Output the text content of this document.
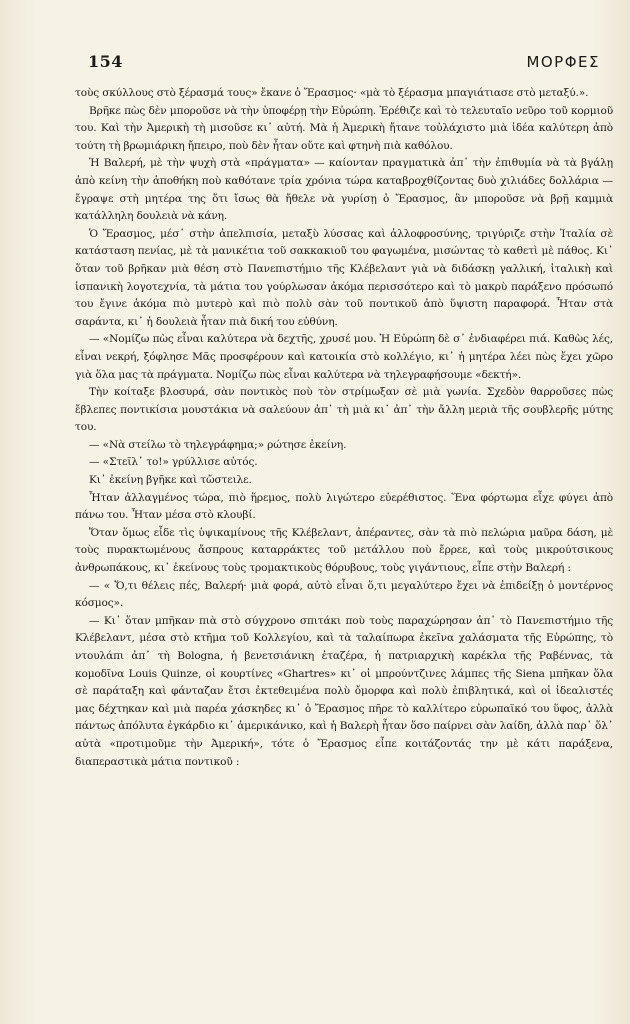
154	ΜΟΡΦΕΣ

τοὺς σκύλλους στὸ ξέρασμά τους» ἔκανε ὁ Ἔρασμος· «μὰ τὸ ξέρασμα μπαγιάτιασε στὸ μεταξύ.».

Βρῆκε πὼς δὲν μποροῦσε νὰ τὴν ὑποφέρῃ τὴν Εὐρώπη. Ἐρέθιζε καὶ τὸ τελευταῖο νεῦρο τοῦ κορμιοῦ του. Καὶ τὴν Ἀμερικὴ τὴ μισοῦσε κι᾽ αὐτή. Μὰ ἡ Ἀμερικὴ ἤτανε τοὐλάχιστο μιὰ ἰδέα καλύτερη ἀπὸ τούτη τὴ βρωμιάρικη ἤπειρο, ποὺ δὲν ἦταν οὔτε καὶ φτηνὴ πιὰ καθόλου.

Ἡ Βαλερή, μὲ τὴν ψυχὴ στὰ «πράγματα» — καίονταν πραγματικὰ ἀπ᾽ τὴν ἐπιθυμία νὰ τὰ βγάλῃ ἀπὸ κείνη τὴν ἀποθήκη ποὺ καθότανε τρία χρόνια τώρα καταβροχθίζοντας δυὸ χιλιάδες δολλάρια — ἔγραψε στὴ μητέρα της ὅτι ἴσως θὰ ἤθελε νὰ γυρίσῃ ὁ Ἔρασμος, ἂν μποροῦσε νὰ βρῇ καμμιὰ κατάλληλη δουλειὰ νὰ κάνη.

Ὁ Ἔρασμος, μέσ᾽ στὴν ἀπελπισία, μεταξὺ λύσσας καὶ ἀλλοφροσύνης, τριγύριζε στὴν Ἰταλία σὲ κατάσταση πενίας, μὲ τὰ μανικέτια τοῦ σακκακιοῦ του φαγωμένα, μισώντας τὸ καθετὶ μὲ πάθος. Κι᾽ ὅταν τοῦ βρῆκαν μιὰ θέση στὸ Πανεπιστήμιο τῆς Κλέβελαντ γιὰ νὰ διδάσκῃ γαλλική, ἰταλικὴ καὶ ἰσπανικὴ λογοτεχνία, τὰ μάτια του γούρλωσαν ἀκόμα περισσότερο καὶ τὸ μακρὺ παράξενο πρόσωπό του ἔγινε ἀκόμα πιὸ μυτερὸ καὶ πιὸ πολὺ σὰν τοῦ ποντικοῦ ἀπὸ ὕψιστη παραφορά. Ἦταν στὰ σαράντα, κι᾽ ἡ δουλειὰ ἦταν πιὰ δική του εὐθύνη.

— «Νομίζω πὼς εἶναι καλύτερα νὰ δεχτῆς, χρυσέ μου. Ἡ Εὐρώπη δὲ σ᾽ ἐνδιαφέρει πιά. Καθὼς λές, εἶναι νεκρή, ξόφλησε Μᾶς προσφέρουν καὶ κατοικία στὸ κολλέγιο, κι᾽ ἡ μητέρα λέει πὼς ἔχει χῶρο γιὰ ὅλα μας τὰ πράγματα. Νομίζω πὼς εἶναι καλύτερα νὰ τηλεγραφήσουμε «δεκτή».

Τὴν κοίταξε βλοσυρά, σὰν ποντικὸς ποὺ τὸν στρίμωξαν σὲ μιὰ γωνία. Σχεδὸν θαρροῦσες πὼς ἔβλεπες ποντικίσια μουστάκια νὰ σαλεύουν ἀπ᾽ τὴ μιὰ κι᾽ ἀπ᾽ τὴν ἄλλη μεριὰ τῆς σουβλερῆς μύτης του.

— «Νὰ στείλω τὸ τηλεγράφημα;» ρώτησε ἐκείνη.

— «Στεῖλ᾽ το!» γρύλλισε αὐτός.

Κι᾽ ἐκείνη βγῆκε καὶ τὤστειλε.

Ἦταν ἀλλαγμένος τώρα, πιὸ ἥρεμος, πολὺ λιγώτερο εὐερέθιστος. Ἕνα φόρτωμα εἶχε φύγει ἀπὸ πάνω του. Ἦταν μέσα στὸ κλουβί.

Ὅταν ὅμως εἶδε τὶς ὑψικαμίνους τῆς Κλέβελαντ, ἀπέραντες, σὰν τὰ πιὸ πελώρια μαῦρα δάση, μὲ τοὺς πυρακτωμένους ἄσπρους καταρράκτες τοῦ μετάλλου ποὺ ἔρρεε, καὶ τοὺς μικρούτσικους ἀνθρωπάκους, κι᾽ ἐκείνους τοὺς τρομακτικοὺς θόρυβους, τοὺς γιγάντιους, εἶπε στὴν Βαλερή :

— « Ὅ,τι θέλεις πές, Βαλερή· μιὰ φορά, αὐτὸ εἶναι ὅ,τι μεγαλύτερο ἔχει νὰ ἐπιδείξῃ ὁ μοντέρνος κόσμος».

— Κι᾽ ὅταν μπῆκαν πιὰ στὸ σύγχρονο σπιτάκι ποὺ τοὺς παραχώρησαν ἀπ᾽ τὸ Πανεπιστήμιο τῆς Κλέβελαντ, μέσα στὸ κτῆμα τοῦ Κολλεγίου, καὶ τὰ ταλαίπωρα ἐκεῖνα χαλάσματα τῆς Εὐρώπης, τὸ ντουλάπι ἀπ᾽ τὴ Bologna, ἡ βενετσιάνικη ἐταζέρα, ἡ πατριαρχικὴ καρέκλα τῆς Ραβέννας, τὰ κομοδῖνα Louis Quinze, οἱ κουρτίνες «Ghartres» κι᾽ οἱ μπρούντζινες λάμπες τῆς Siena μπῆκαν ὅλα σὲ παράταξη καὶ φάνταζαν ἔτσι ἐκτεθειμένα πολὺ ὄμορφα καὶ πολὺ ἐπιβλητικά, καὶ οἱ ἰδεαλιστές μας δέχτηκαν καὶ μιὰ παρέα χάσκηδες κι᾽ ὁ Ἔρασμος πῆρε τὸ καλλίτερο εὐρωπαϊκό του ὕφος, ἀλλὰ πάντως ἀπόλυτα ἐγκάρδιο κι᾽ ἀμερικάνικο, καὶ ἡ Βαλερὴ ἦταν ὅσο παίρνει σὰν λαίδη, ἀλλὰ παρ᾽ ὅλ᾽ αὐτὰ «προτιμοῦμε τὴν Ἀμερική», τότε ὁ Ἔρασμος εἶπε κοιτάζοντάς την μὲ κάτι παράξενα, διαπεραστικὰ μάτια ποντικοῦ :
